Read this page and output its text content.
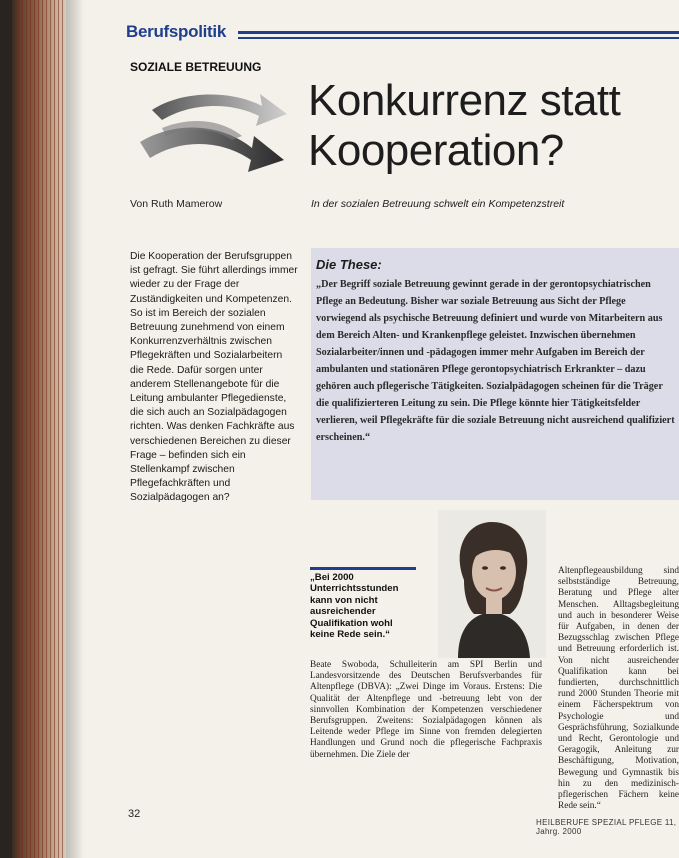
Berufspolitik
SOZIALE BETREUUNG
Konkurrenz statt
Kooperation?
Von Ruth Mamerow	In der sozialen Betreuung schwelt ein Kompetenzstreit
Die Kooperation der Berufsgruppen ist gefragt. Sie führt allerdings immer wieder zu der Frage der Zuständigkeiten und Kompetenzen. So ist im Bereich der sozialen Betreuung zunehmend von einem Konkurrenzverhältnis zwischen Pflegekräften und Sozialarbeitern die Rede. Dafür sorgen unter anderem Stellenangebote für die Leitung ambulanter Pflegedienste, die sich auch an Sozialpädagogen richten. Was denken Fachkräfte aus verschiedenen Bereichen zu dieser Frage – befinden sich ein Stellenkampf zwischen Pflegefachkräften und Sozialpädagogen an?
Die These:
„Der Begriff soziale Betreuung gewinnt gerade in der gerontopsychiatrischen Pflege an Bedeutung. Bisher war soziale Betreuung aus Sicht der Pflege vorwiegend als psychische Betreuung definiert und wurde von Mitarbeitern aus dem Bereich Alten- und Krankenpflege geleistet. Inzwischen übernehmen Sozialarbeiter/innen und -pädagogen immer mehr Aufgaben im Bereich der ambulanten und stationären Pflege gerontopsychiatrisch Erkrankter – dazu gehören auch pflegerische Tätigkeiten. Sozialpädagogen scheinen für die Träger die qualifizierteren Leitung zu sein. Die Pflege könnte hier Tätigkeitsfelder verlieren, weil Pflegekräfte für die soziale Betreuung nicht ausreichend qualifiziert erscheinen.“
„Bei 2000 Unterrichtsstunden kann von nicht ausreichender Qualifikation wohl keine Rede sein.“
Beate Swoboda, Schulleiterin am SPI Berlin und Landesvorsitzende des Deutschen Berufsverbandes für Altenpflege (DBVA): „Zwei Dinge im Voraus. Erstens: Die Qualität der Altenpflege und -betreuung lebt von der sinnvollen Kombination der Kompetenzen verschiedener Berufsgruppen. Zweitens: Sozialpädagogen können als Leitende weder Pflege im Sinne von fremden delegierten Handlungen und Grund noch die pflegerische Fachpraxis übernehmen. Die Ziele der
Altenpflegeausbildung sind selbstständige Betreuung, Beratung und Pflege alter Menschen. Alltagsbegleitung und auch in besonderer Weise für Aufgaben, in denen der Bezugsschlag zwischen Pflege und Betreuung erforderlich ist. Von nicht ausreichender Qualifikation kann bei fundierten, durchschnittlich rund 2000 Stunden Theorie mit einem Fächerspektrum von Psychologie und Gesprächsführung, Sozialkunde und Recht, Gerontologie und Geragogik, Anleitung zur Beschäftigung, Motivation, Bewegung und Gymnastik bis hin zu den medizinisch-pflegerischen Fächern keine Rede sein.“
32
HEILBERUFE SPEZIAL PFLEGE 11, Jahrg. 2000
